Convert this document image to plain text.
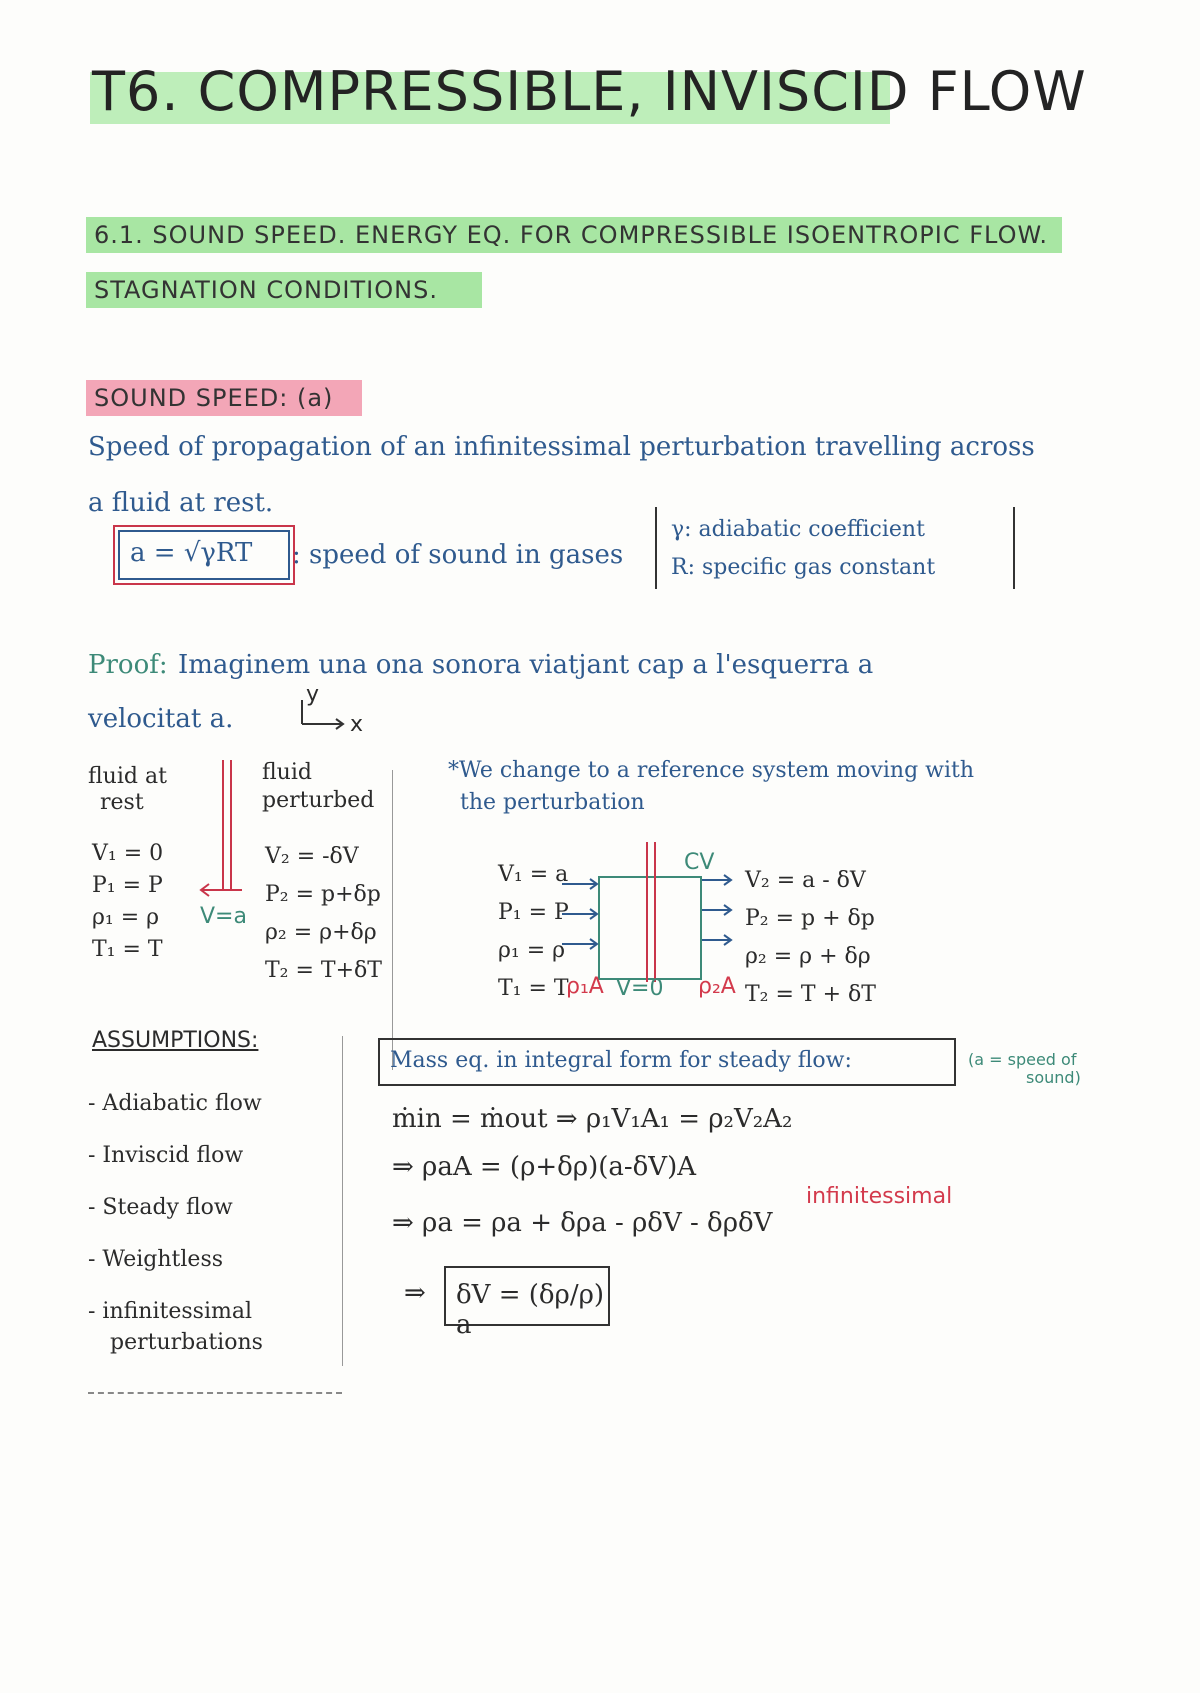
T6. COMPRESSIBLE, INVISCID FLOW
6.1. SOUND SPEED. ENERGY EQ. FOR COMPRESSIBLE ISOENTROPIC FLOW.
STAGNATION CONDITIONS.
SOUND SPEED: (a)
Speed of propagation of an infinitessimal perturbation travelling across
a fluid at rest.
a = √γRT : speed of sound in gases
γ: adiabatic coefficient
R: specific gas constant
Proof: Imaginem una ona sonora viatjant cap a l'esquerra a
velocitat a.
y
x
fluid at
rest
fluid
perturbed
V=a
V₁ = 0
P₁ = P
ρ₁ = ρ
T₁ = T
V₂ = -δV
P₂ = p+δp
ρ₂ = ρ+δρ
T₂ = T+δT
*We change to a reference system moving with
the perturbation
CV
V₁ = a
P₁ = P
ρ₁ = ρ
T₁ = T
V₂ = a - δV
P₂ = p + δp
ρ₂ = ρ + δρ
T₂ = T + δT
ρ₁A V=0 ρ₂A
ASSUMPTIONS:
- Adiabatic flow
- Inviscid flow
- Steady flow
- Weightless
- infinitessimal
perturbations
Mass eq. in integral form for steady flow:	(a = speed of
sound)
ṁin = ṁout ⇒ ρ₁V₁A₁ = ρ₂V₂A₂
⇒ ρaA = (ρ+δρ)(a-δV)A
⇒ ρa = ρa + δρa - ρδV - δρδV
infinitessimal
⇒ δV = (δρ/ρ) a
